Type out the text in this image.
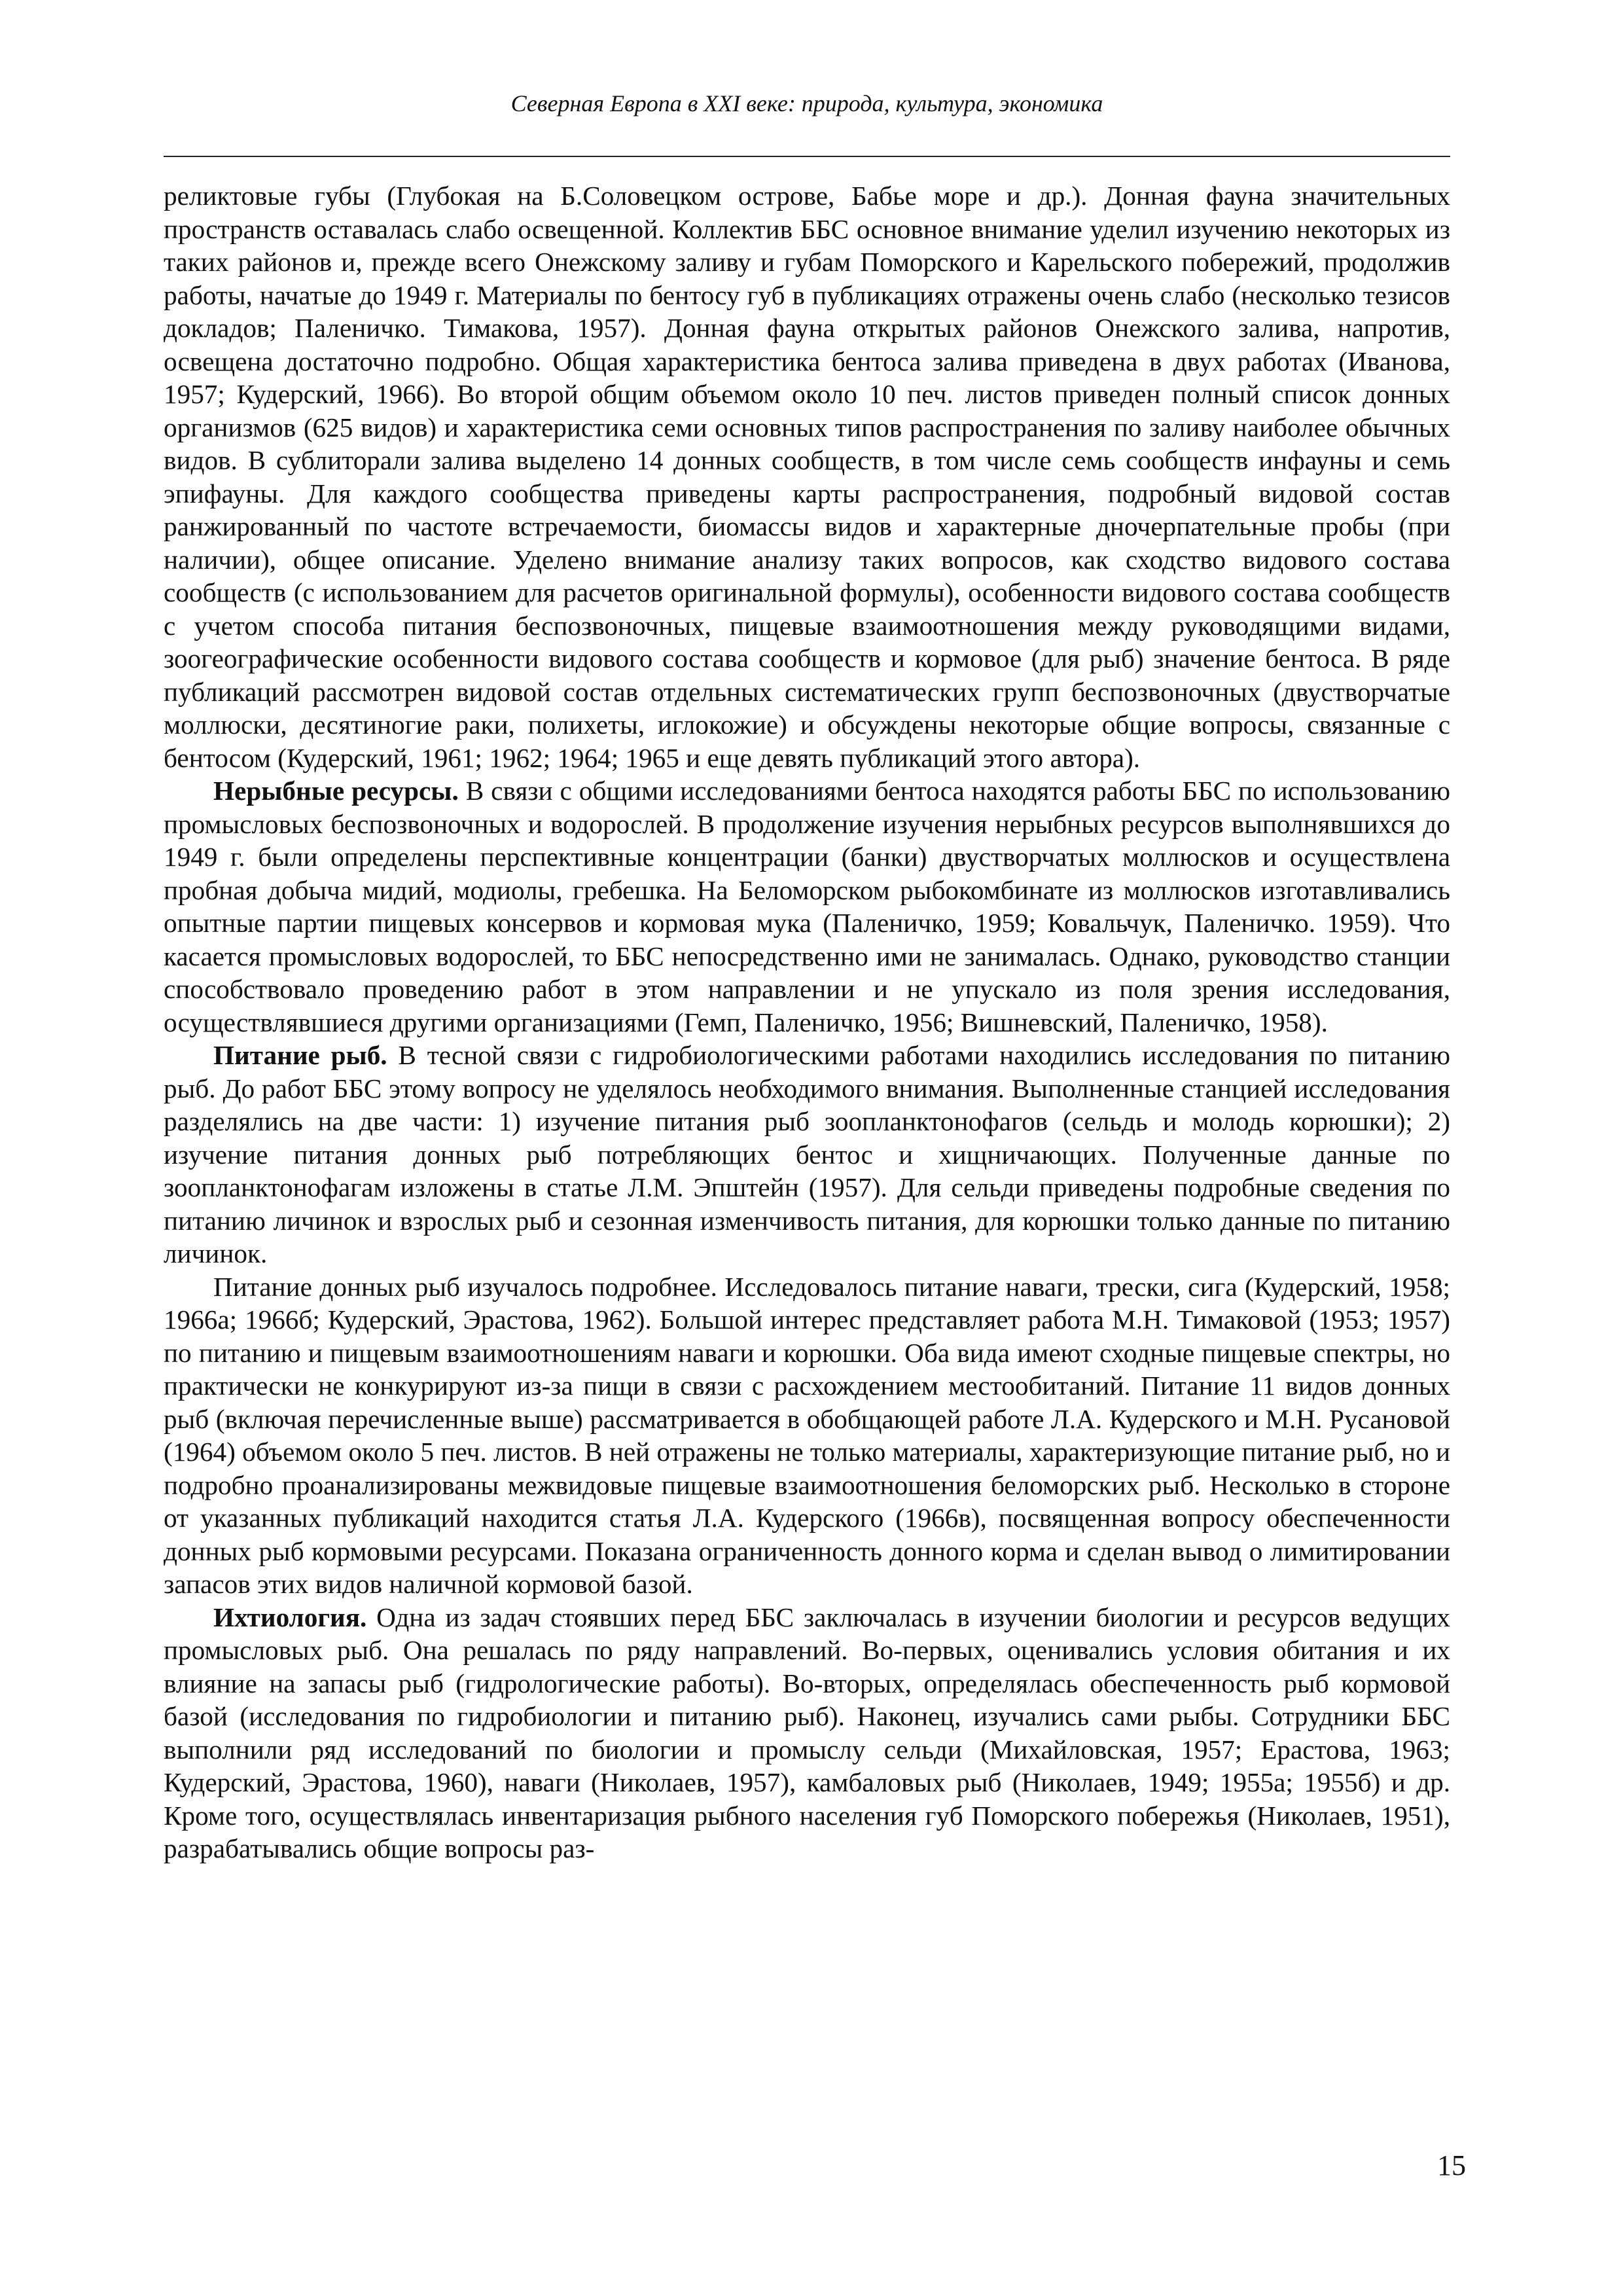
Северная Европа в XXI веке: природа, культура, экономика

реликтовые губы (Глубокая на Б.Соловецком острове, Бабье море и др.). Донная фауна значительных пространств оставалась слабо освещенной. Коллектив ББС основное внимание уделил изучению некоторых из таких районов и, прежде всего Онежскому заливу и губам Поморского и Карельского побережий, продолжив работы, начатые до 1949 г. Материалы по бентосу губ в публикациях отражены очень слабо (несколько тезисов докладов; Паленичко. Тимакова, 1957). Донная фауна открытых районов Онежского залива, напротив, освещена достаточно подробно. Общая характеристика бентоса залива приведена в двух работах (Иванова, 1957; Кудерский, 1966). Во второй общим объемом около 10 печ. листов приведен полный список донных организмов (625 видов) и характеристика семи основных типов распространения по заливу наиболее обычных видов. В сублиторали залива выделено 14 донных сообществ, в том числе семь сообществ инфауны и семь эпифауны. Для каждого сообщества приведены карты распространения, подробный видовой состав ранжированный по частоте встречаемости, биомассы видов и характерные дночерпательные пробы (при наличии), общее описание. Уделено внимание анализу таких вопросов, как сходство видового состава сообществ (с использованием для расчетов оригинальной формулы), особенности видового состава сообществ с учетом способа питания беспозвоночных, пищевые взаимоотношения между руководящими видами, зоогеографические особенности видового состава сообществ и кормовое (для рыб) значение бентоса. В ряде публикаций рассмотрен видовой состав отдельных систематических групп беспозвоночных (двустворчатые моллюски, десятиногие раки, полихеты, иглокожие) и обсуждены некоторые общие вопросы, связанные с бентосом (Кудерский, 1961; 1962; 1964; 1965 и еще девять публикаций этого автора).

Нерыбные ресурсы. В связи с общими исследованиями бентоса находятся работы ББС по использованию промысловых беспозвоночных и водорослей. В продолжение изучения нерыбных ресурсов выполнявшихся до 1949 г. были определены перспективные концентрации (банки) двустворчатых моллюсков и осуществлена пробная добыча мидий, модиолы, гребешка. На Беломорском рыбокомбинате из моллюсков изготавливались опытные партии пищевых консервов и кормовая мука (Паленичко, 1959; Ковальчук, Паленичко. 1959). Что касается промысловых водорослей, то ББС непосредственно ими не занималась. Однако, руководство станции способствовало проведению работ в этом направлении и не упускало из поля зрения исследования, осуществлявшиеся другими организациями (Гемп, Паленичко, 1956; Вишневский, Паленичко, 1958).

Питание рыб. В тесной связи с гидробиологическими работами находились исследования по питанию рыб. До работ ББС этому вопросу не уделялось необходимого внимания. Выполненные станцией исследования разделялись на две части: 1) изучение питания рыб зоопланктонофагов (сельдь и молодь корюшки); 2) изучение питания донных рыб потребляющих бентос и хищничающих. Полученные данные по зоопланктонофагам изложены в статье Л.М. Эпштейн (1957). Для сельди приведены подробные сведения по питанию личинок и взрослых рыб и сезонная изменчивость питания, для корюшки только данные по питанию личинок.

Питание донных рыб изучалось подробнее. Исследовалось питание наваги, трески, сига (Кудерский, 1958; 1966а; 1966б; Кудерский, Эрастова, 1962). Большой интерес представляет работа М.Н. Тимаковой (1953; 1957) по питанию и пищевым взаимоотношениям наваги и корюшки. Оба вида имеют сходные пищевые спектры, но практически не конкурируют из-за пищи в связи с расхождением местообитаний. Питание 11 видов донных рыб (включая перечисленные выше) рассматривается в обобщающей работе Л.А. Кудерского и М.Н. Русановой (1964) объемом около 5 печ. листов. В ней отражены не только материалы, характеризующие питание рыб, но и подробно проанализированы межвидовые пищевые взаимоотношения беломорских рыб. Несколько в стороне от указанных публикаций находится статья Л.А. Кудерского (1966в), посвященная вопросу обеспеченности донных рыб кормовыми ресурсами. Показана ограниченность донного корма и сделан вывод о лимитировании запасов этих видов наличной кормовой базой.

Ихтиология. Одна из задач стоявших перед ББС заключалась в изучении биологии и ресурсов ведущих промысловых рыб. Она решалась по ряду направлений. Во-первых, оценивались условия обитания и их влияние на запасы рыб (гидрологические работы). Во-вторых, определялась обеспеченность рыб кормовой базой (исследования по гидробиологии и питанию рыб). Наконец, изучались сами рыбы. Сотрудники ББС выполнили ряд исследований по биологии и промыслу сельди (Михайловская, 1957; Ерастова, 1963; Кудерский, Эрастова, 1960), наваги (Николаев, 1957), камбаловых рыб (Николаев, 1949; 1955а; 1955б) и др. Кроме того, осуществлялась инвентаризация рыбного населения губ Поморского побережья (Николаев, 1951), разрабатывались общие вопросы раз-

15
